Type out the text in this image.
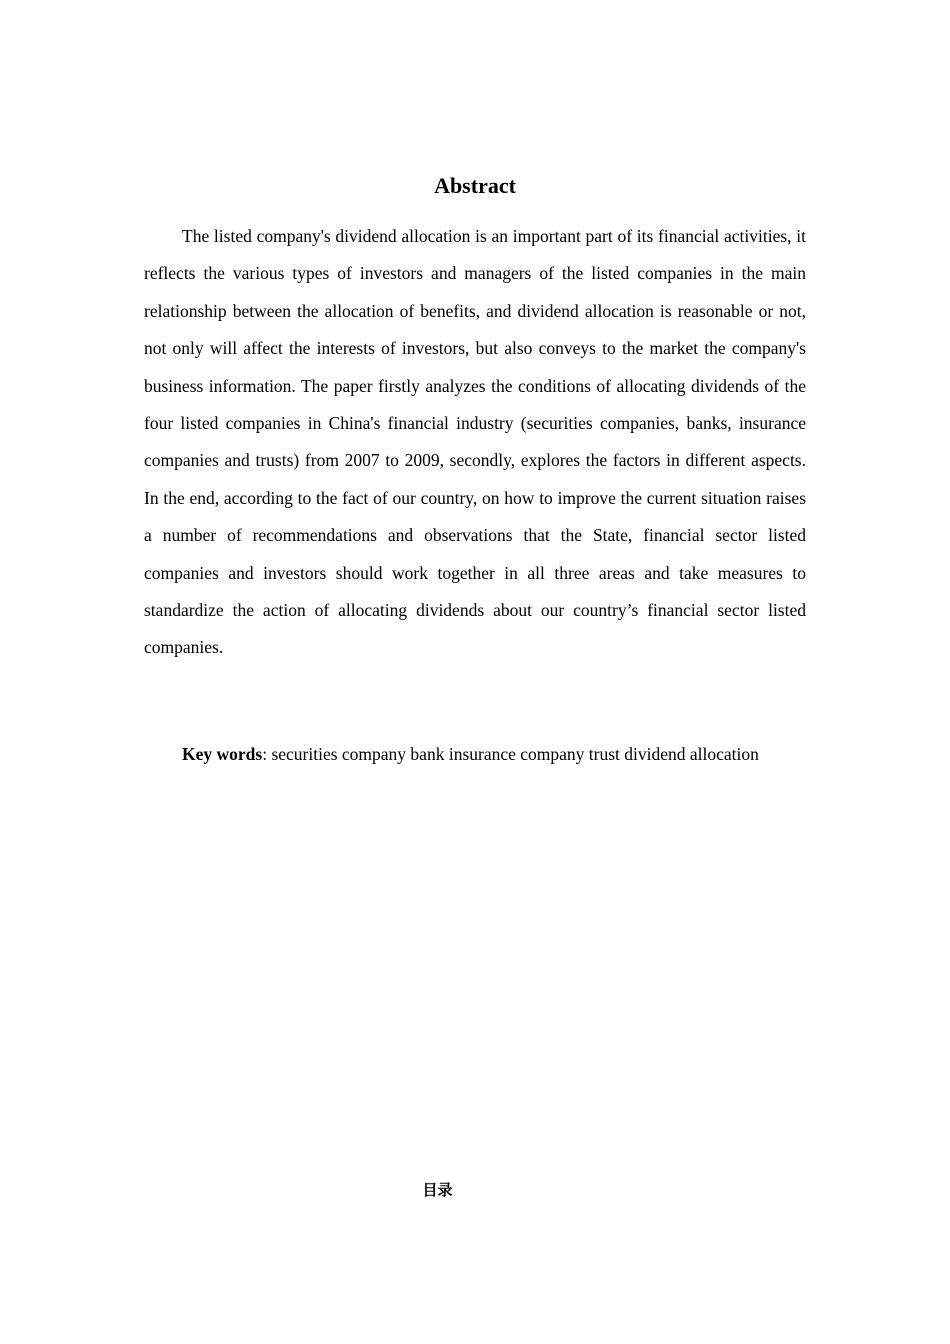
Abstract

The listed company's dividend allocation is an important part of its financial activities, it reflects the various types of investors and managers of the listed companies in the main relationship between the allocation of benefits, and dividend allocation is reasonable or not, not only will affect the interests of investors, but also conveys to the market the company's business information. The paper firstly analyzes the conditions of allocating dividends of the four listed companies in China's financial industry (securities companies, banks, insurance companies and trusts) from 2007 to 2009, secondly, explores the factors in different aspects. In the end, according to the fact of our country, on how to improve the current situation raises a number of recommendations and observations that the State, financial sector listed companies and investors should work together in all three areas and take measures to standardize the action of allocating dividends about our country’s financial sector listed companies.

Key words: securities company bank insurance company trust dividend allocation

目录
